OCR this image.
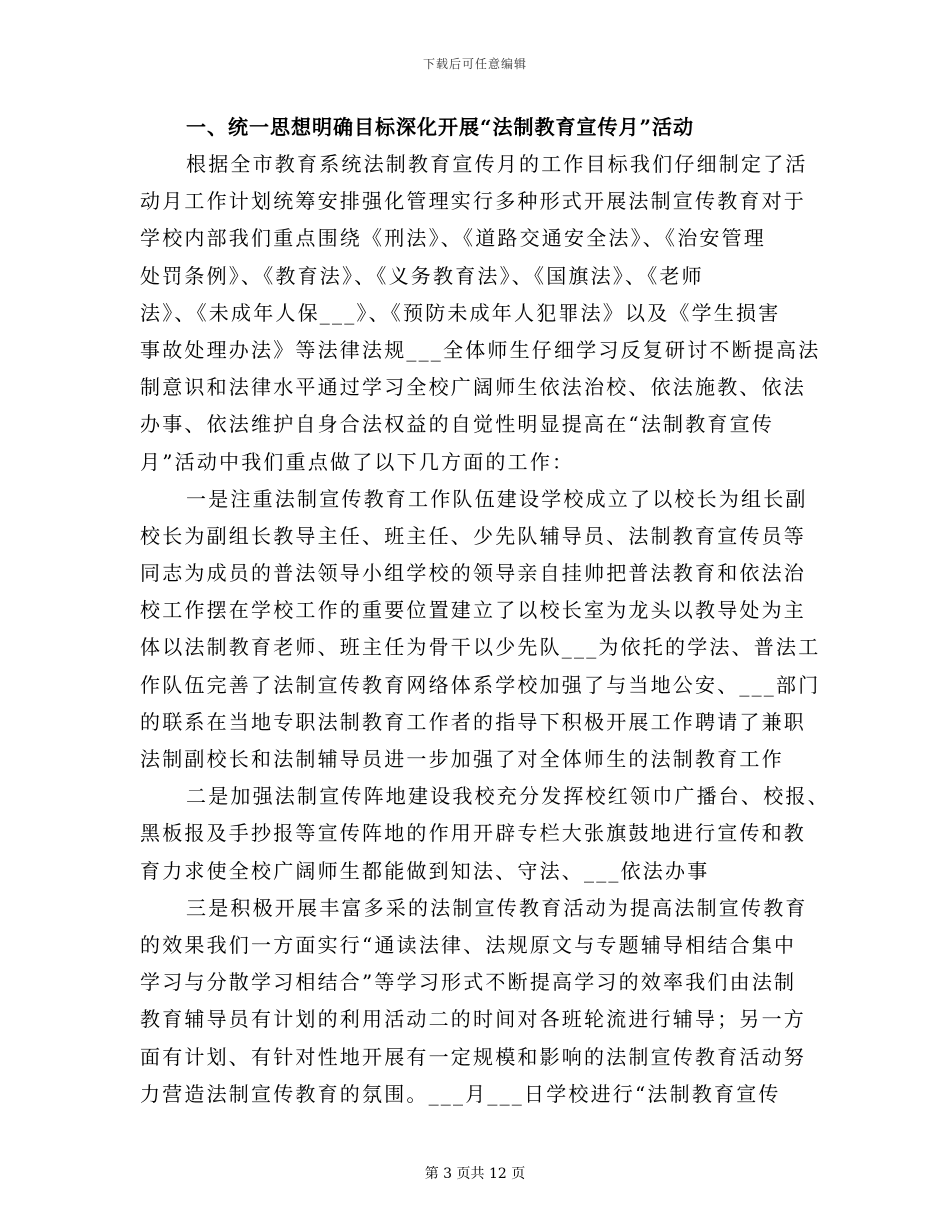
下载后可任意编辑
一、统一思想明确目标深化开展“法制教育宣传月”活动
根据全市教育系统法制教育宣传月的工作目标我们仔细制定了活
动月工作计划统筹安排强化管理实行多种形式开展法制宣传教育对于
学校内部我们重点围绕《刑法》、《道路交通安全法》、《治安管理
处罚条例》、《教育法》、《义务教育法》、《国旗法》、《老师
法》、《未成年人保___》、《预防未成年人犯罪法》以及《学生损害
事故处理办法》等法律法规___全体师生仔细学习反复研讨不断提高法
制意识和法律水平通过学习全校广阔师生依法治校、依法施教、依法
办事、依法维护自身合法权益的自觉性明显提高在“法制教育宣传
月”活动中我们重点做了以下几方面的工作：
一是注重法制宣传教育工作队伍建设学校成立了以校长为组长副
校长为副组长教导主任、班主任、少先队辅导员、法制教育宣传员等
同志为成员的普法领导小组学校的领导亲自挂帅把普法教育和依法治
校工作摆在学校工作的重要位置建立了以校长室为龙头以教导处为主
体以法制教育老师、班主任为骨干以少先队___为依托的学法、普法工
作队伍完善了法制宣传教育网络体系学校加强了与当地公安、___部门
的联系在当地专职法制教育工作者的指导下积极开展工作聘请了兼职
法制副校长和法制辅导员进一步加强了对全体师生的法制教育工作
二是加强法制宣传阵地建设我校充分发挥校红领巾广播台、校报、
黑板报及手抄报等宣传阵地的作用开辟专栏大张旗鼓地进行宣传和教
育力求使全校广阔师生都能做到知法、守法、___依法办事
三是积极开展丰富多采的法制宣传教育活动为提高法制宣传教育
的效果我们一方面实行“通读法律、法规原文与专题辅导相结合集中
学习与分散学习相结合”等学习形式不断提高学习的效率我们由法制
教育辅导员有计划的利用活动二的时间对各班轮流进行辅导；另一方
面有计划、有针对性地开展有一定规模和影响的法制宣传教育活动努
力营造法制宣传教育的氛围。___月___日学校进行“法制教育宣传
第 3 页共 12 页
